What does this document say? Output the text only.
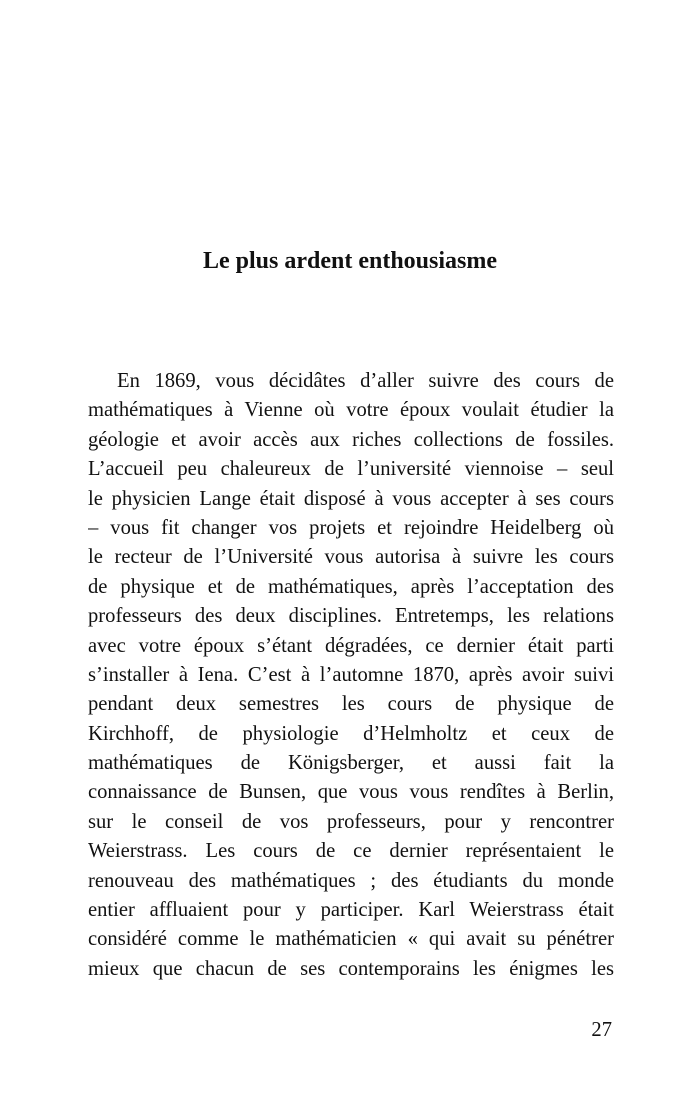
Le plus ardent enthousiasme
En 1869, vous décidâtes d’aller suivre des cours de
mathématiques à Vienne où votre époux voulait étudier la
géologie et avoir accès aux riches collections de fossiles.
L’accueil peu chaleureux de l’université viennoise – seul
le physicien Lange était disposé à vous accepter à ses cours
– vous fit changer vos projets et rejoindre Heidelberg où
le recteur de l’Université vous autorisa à suivre les cours
de physique et de mathématiques, après l’acceptation des
professeurs des deux disciplines. Entretemps, les relations
avec votre époux s’étant dégradées, ce dernier était parti
s’installer à Iena. C’est à l’automne 1870, après avoir suivi
pendant deux semestres les cours de physique de
Kirchhoff, de physiologie d’Helmholtz et ceux de
mathématiques de Königsberger, et aussi fait la
connaissance de Bunsen, que vous vous rendîtes à Berlin,
sur le conseil de vos professeurs, pour y rencontrer
Weierstrass. Les cours de ce dernier représentaient le
renouveau des mathématiques ; des étudiants du monde
entier affluaient pour y participer. Karl Weierstrass était
considéré comme le mathématicien « qui avait su pénétrer
mieux que chacun de ses contemporains les énigmes les
27
